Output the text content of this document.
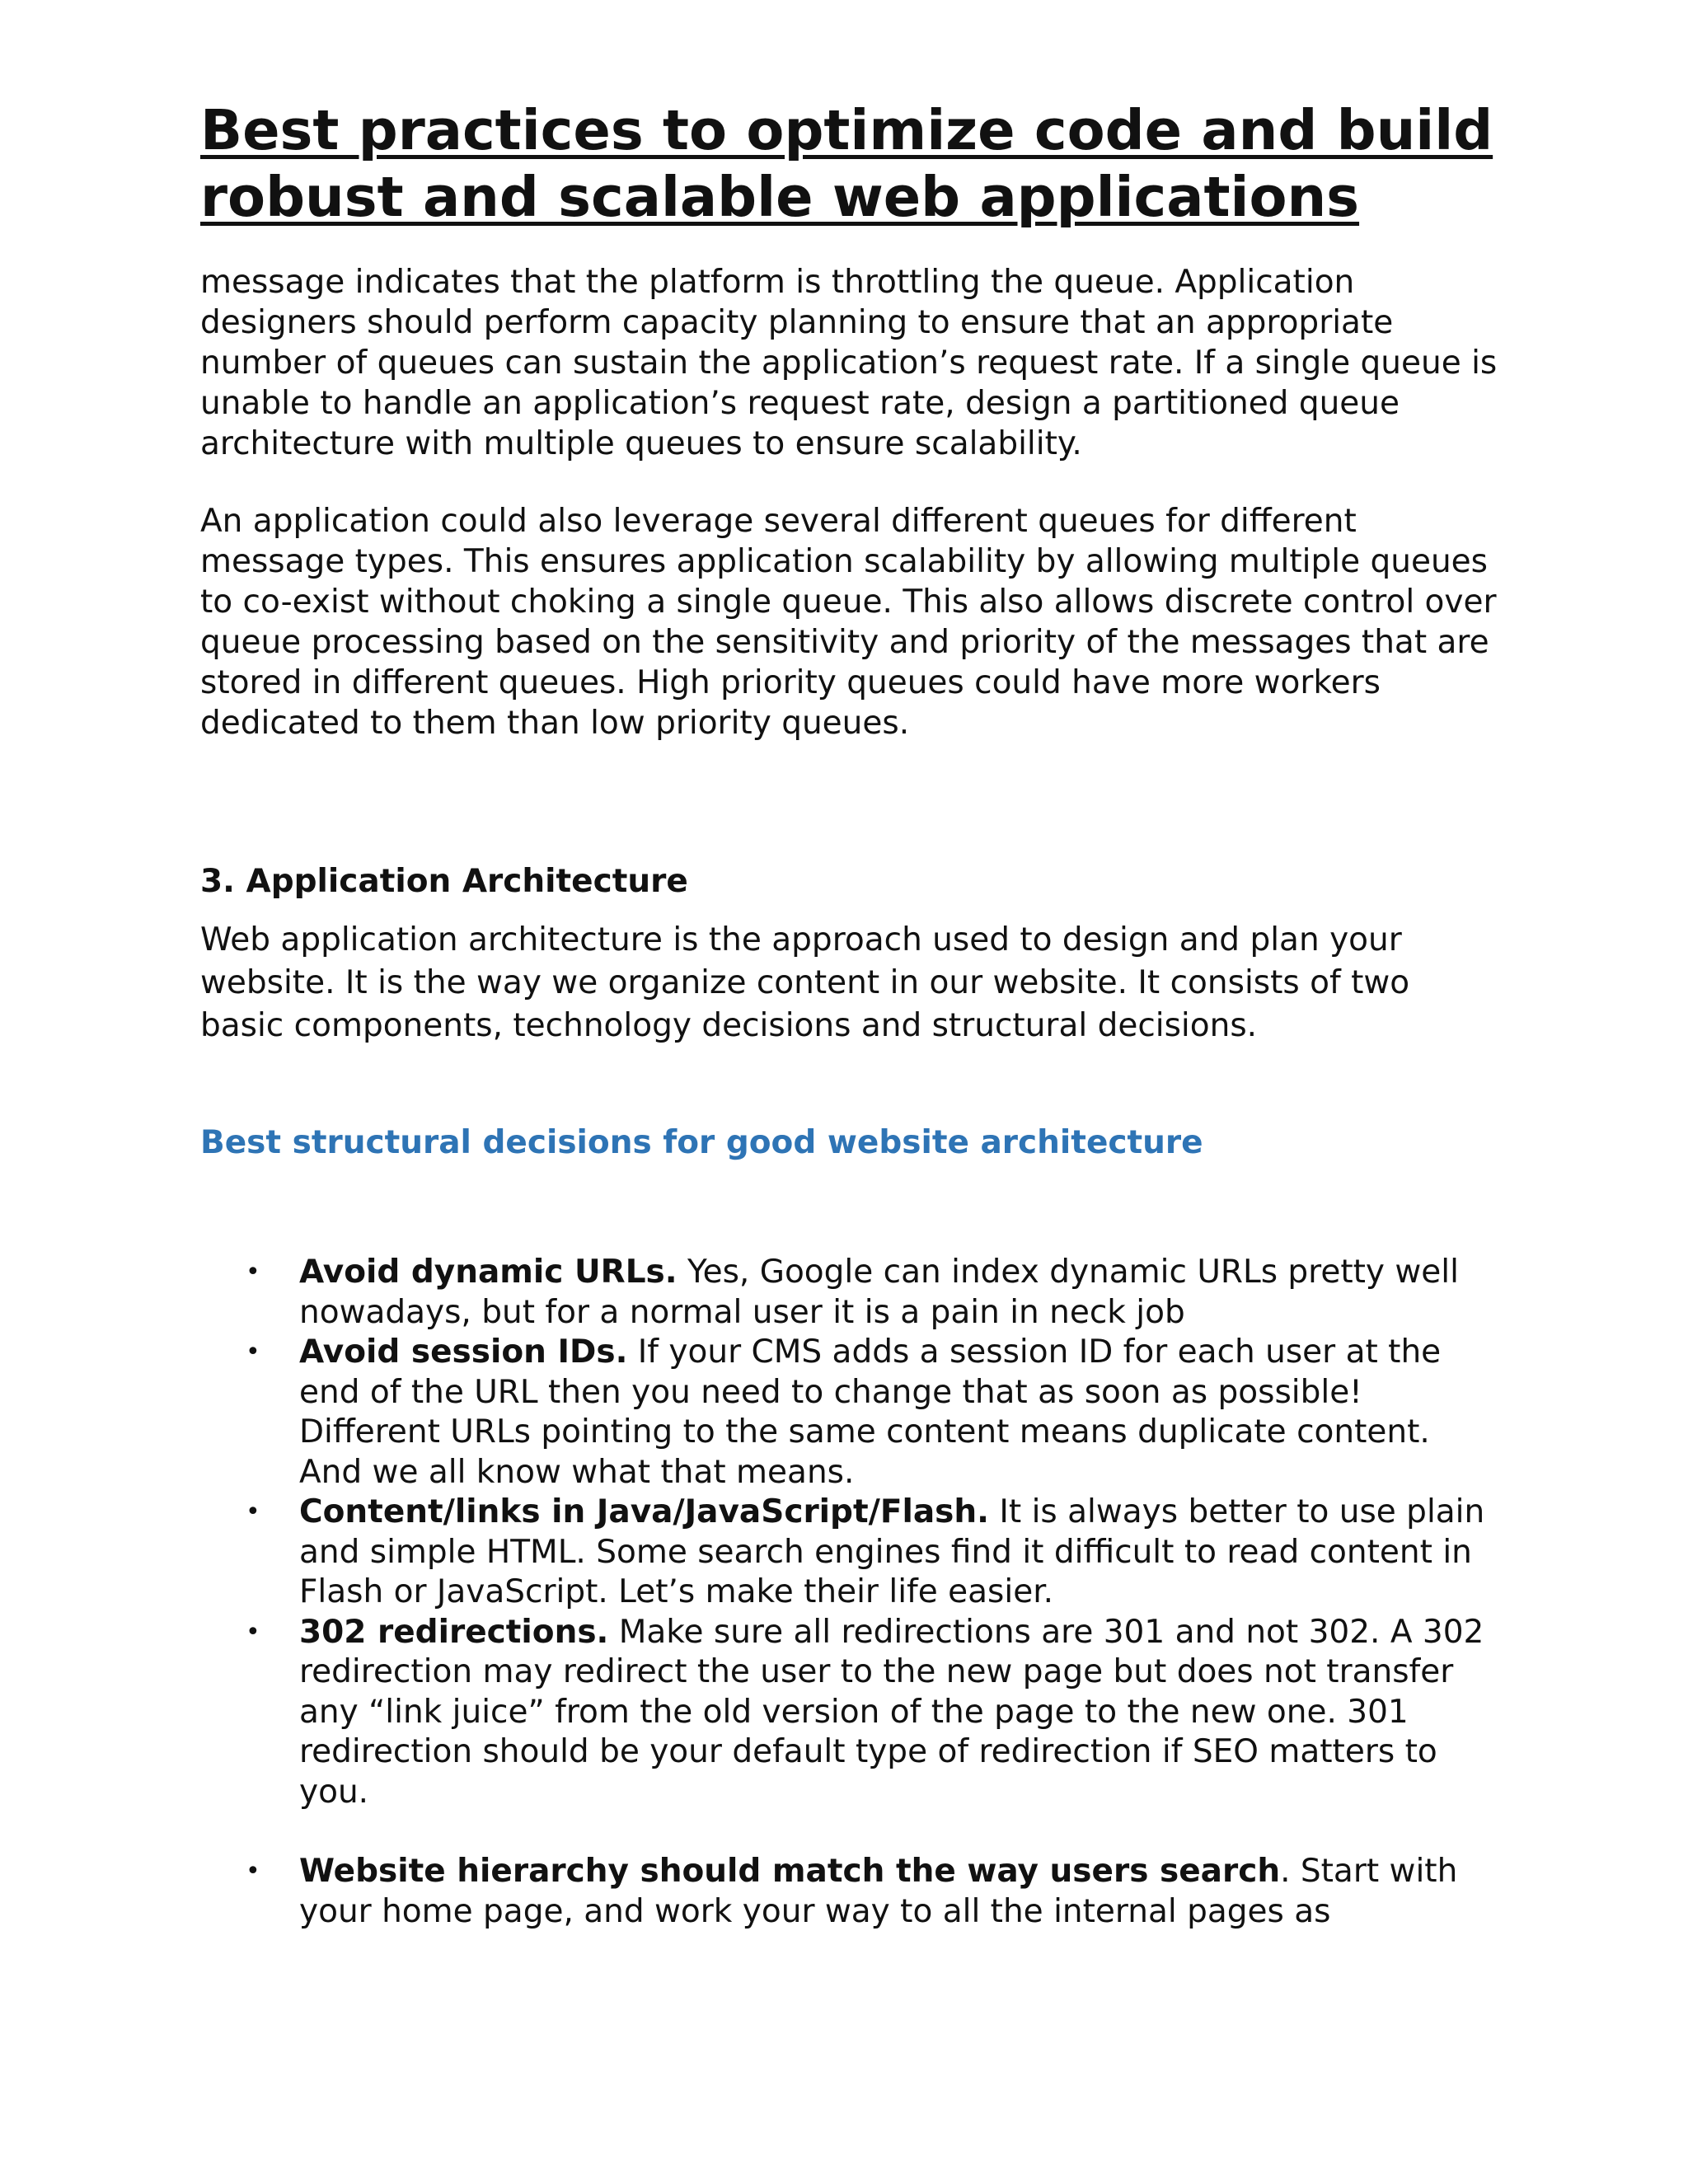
Best practices to optimize code and build robust and scalable web applications

message indicates that the platform is throttling the queue. Application designers should perform capacity planning to ensure that an appropriate number of queues can sustain the application’s request rate. If a single queue is unable to handle an application’s request rate, design a partitioned queue architecture with multiple queues to ensure scalability.

An application could also leverage several different queues for different message types. This ensures application scalability by allowing multiple queues to co-exist without choking a single queue. This also allows discrete control over queue processing based on the sensitivity and priority of the messages that are stored in different queues. High priority queues could have more workers dedicated to them than low priority queues.

3. Application Architecture

Web application architecture is the approach used to design and plan your website. It is the way we organize content in our website. It consists of two basic components, technology decisions and structural decisions.

Best structural decisions for good website architecture
• Avoid dynamic URLs. Yes, Google can index dynamic URLs pretty well nowadays, but for a normal user it is a pain in neck job
• Avoid session IDs. If your CMS adds a session ID for each user at the end of the URL then you need to change that as soon as possible! Different URLs pointing to the same content means duplicate content. And we all know what that means.
• Content/links in Java/JavaScript/Flash. It is always better to use plain and simple HTML. Some search engines find it difficult to read content in Flash or JavaScript. Let’s make their life easier.
• 302 redirections. Make sure all redirections are 301 and not 302. A 302 redirection may redirect the user to the new page but does not transfer any “link juice” from the old version of the page to the new one. 301 redirection should be your default type of redirection if SEO matters to you.
• Website hierarchy should match the way users search. Start with your home page, and work your way to all the internal pages as
